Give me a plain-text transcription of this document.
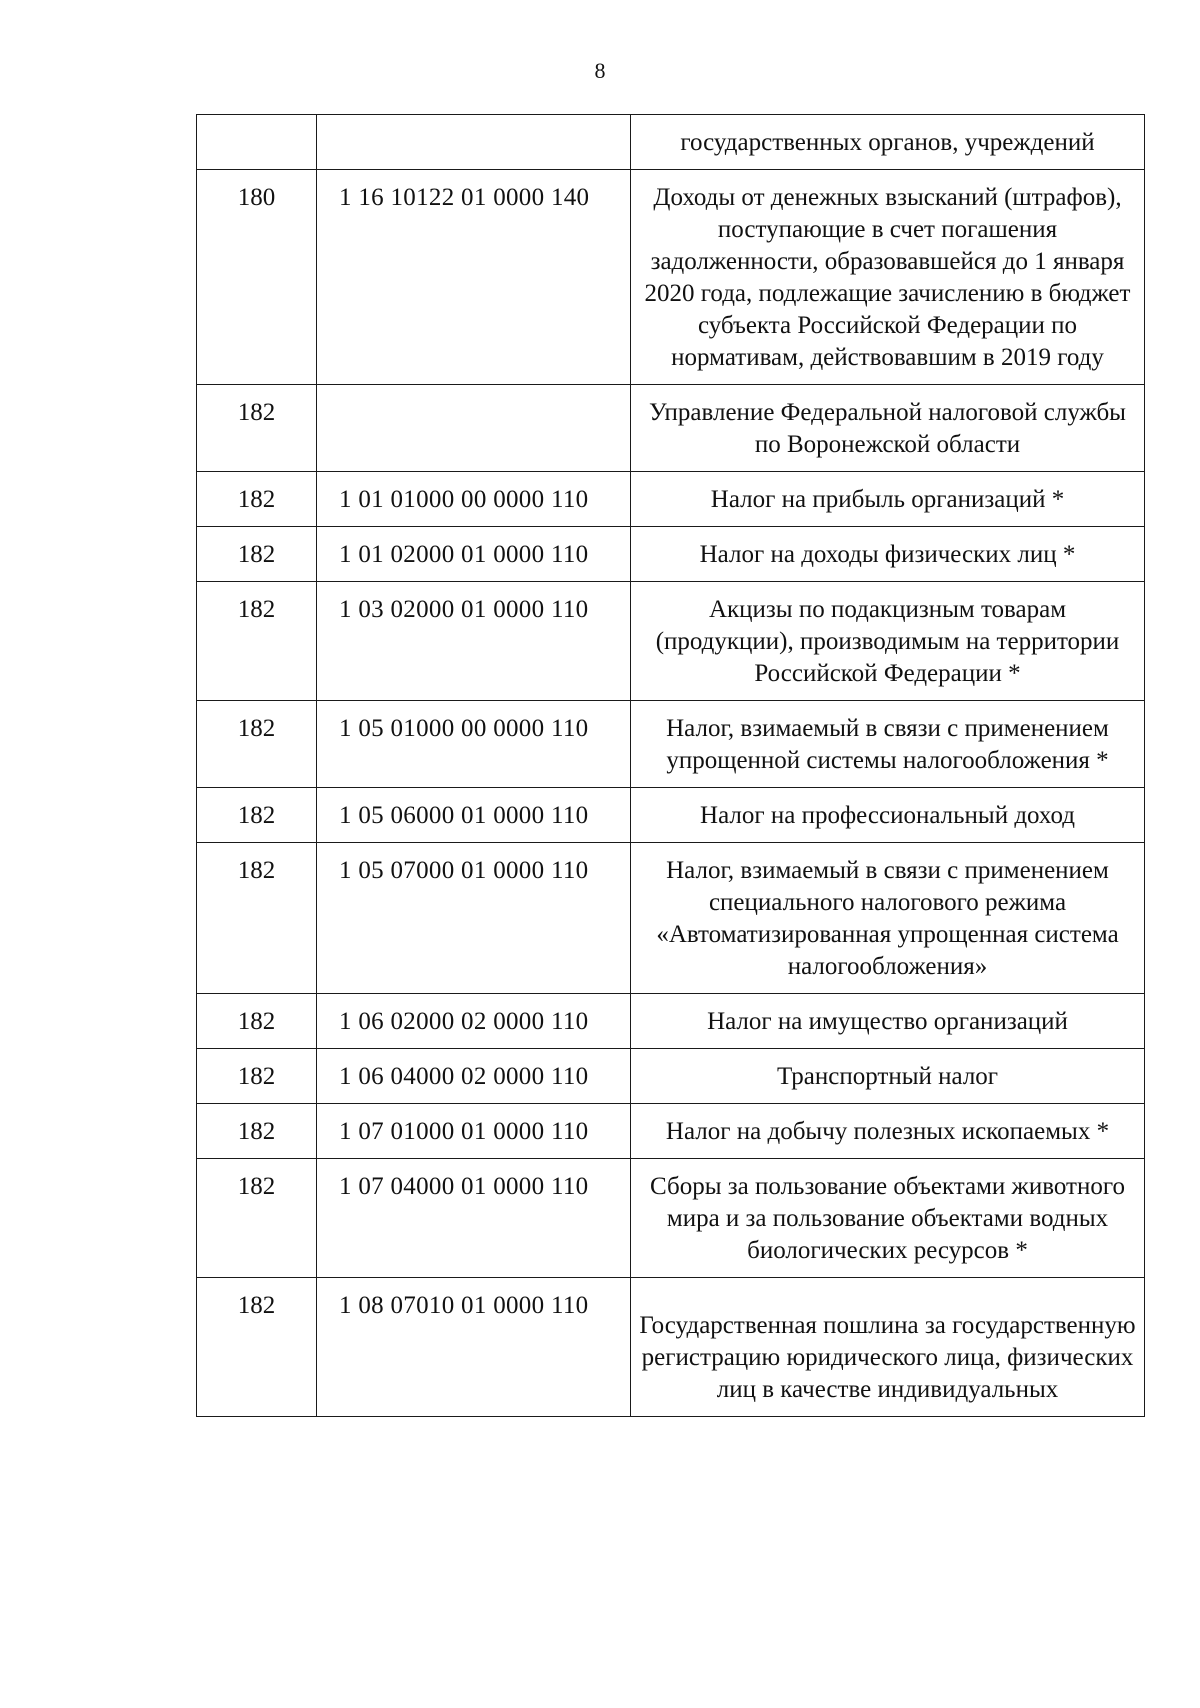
8
		государственных органов, учреждений
180	1 16 10122 01 0000 140	Доходы от денежных взысканий (штрафов), поступающие в счет погашения задолженности, образовавшейся до 1 января 2020 года, подлежащие зачислению в бюджет субъекта Российской Федерации по нормативам, действовавшим в 2019 году
182		Управление Федеральной налоговой службы по Воронежской области
182	1 01 01000 00 0000 110	Налог на прибыль организаций *
182	1 01 02000 01 0000 110	Налог на доходы физических лиц *
182	1 03 02000 01 0000 110	Акцизы по подакцизным товарам (продукции), производимым на территории Российской Федерации *
182	1 05 01000 00 0000 110	Налог, взимаемый в связи с применением упрощенной системы налогообложения *
182	1 05 06000 01 0000 110	Налог на профессиональный доход
182	1 05 07000 01 0000 110	Налог, взимаемый в связи с применением специального налогового режима «Автоматизированная упрощенная система налогообложения»
182	1 06 02000 02 0000 110	Налог на имущество организаций
182	1 06 04000 02 0000 110	Транспортный налог
182	1 07 01000 01 0000 110	Налог на добычу полезных ископаемых *
182	1 07 04000 01 0000 110	Сборы за пользование объектами животного мира и за пользование объектами водных биологических ресурсов *
182	1 08 07010 01 0000 110	Государственная пошлина за государственную регистрацию юридического лица, физических лиц в качестве индивидуальных
